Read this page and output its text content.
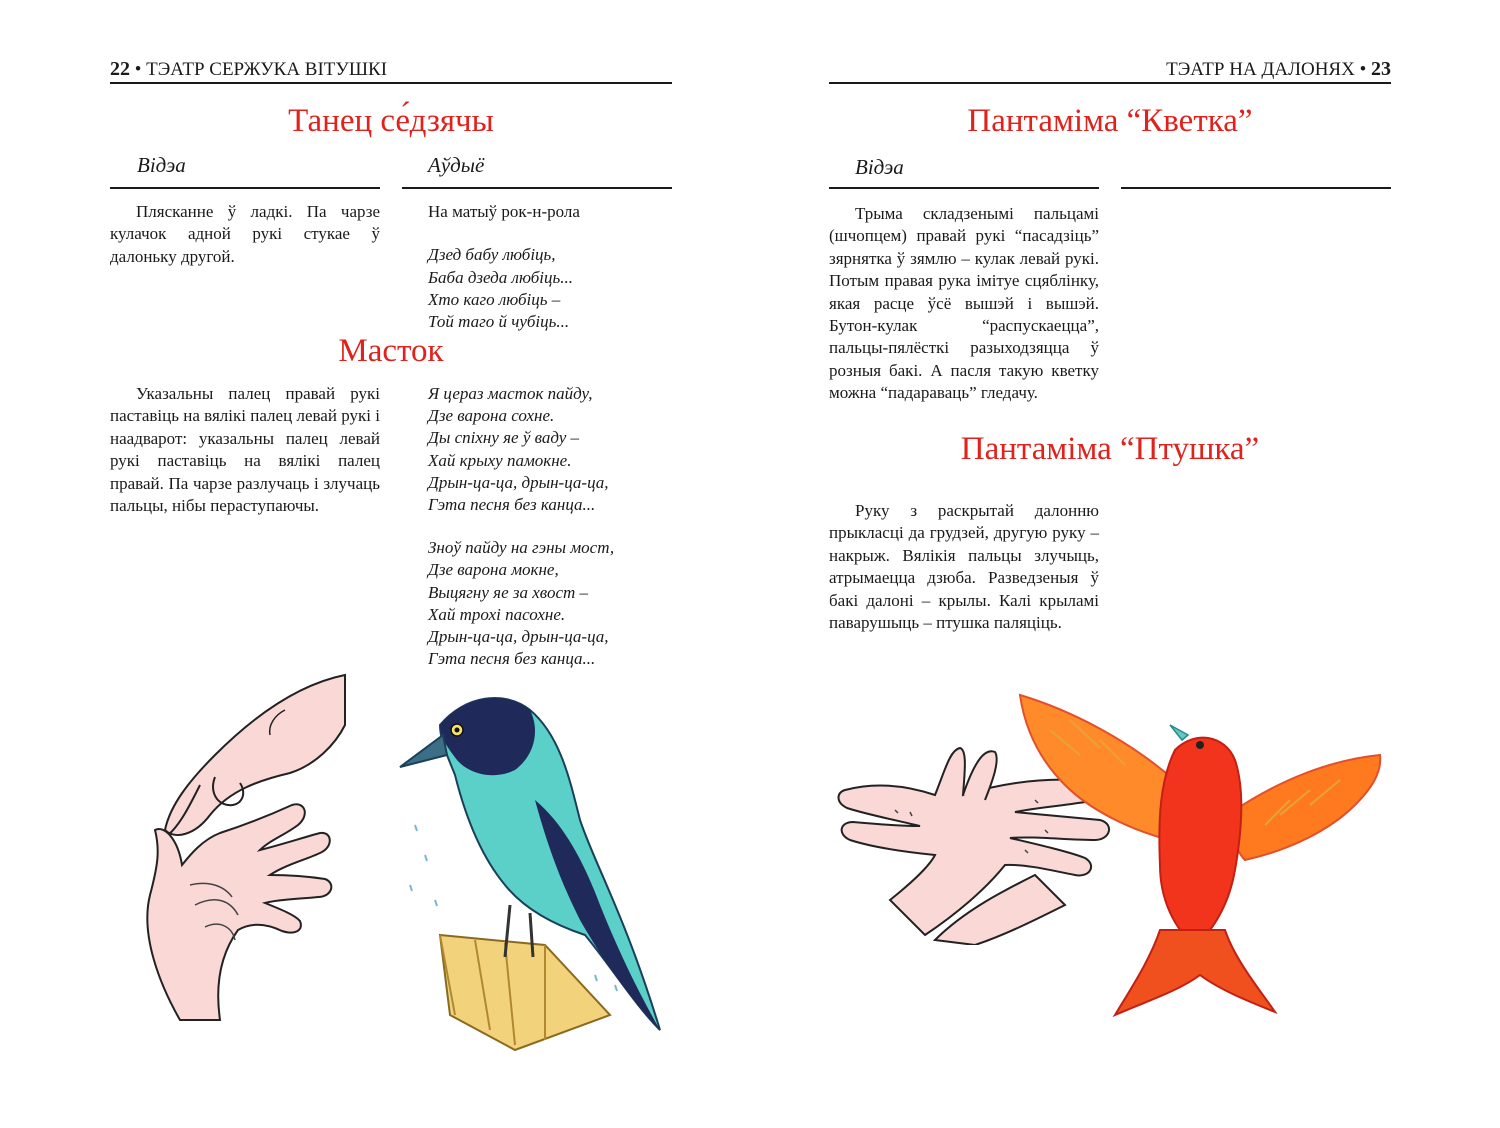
22 • ТЭАТР СЕРЖУКА ВІТУШКІ
Танец се́дзячы
Відэа	Аўдыё

Пляcканне ў ладкі. Па чарзе кулачок адной рукі стукае ў далоньку другой.

На матыў рок-н-рола

Дзед бабу любіць,
Баба дзеда любіць...
Хто каго любіць –
Той таго й чубіць...
Масток

Указальны палец правай рукі паставіць на вялікі палец левай рукі і наадварот: указальны палец левай рукі паставіць на вялікі палец правай. Па чарзе разлучаць і злучаць пальцы, нібы пераступаючы.

Я цераз масток пайду,
Дзе варона сохне.
Ды спіхну яе ў ваду –
Хай крыху памокне.
Дрын-ца-ца, дрын-ца-ца,
Гэта песня без канца...
Зноў пайду на гэны мост,
Дзе варона мокне,
Выцягну яе за хвост –
Хай трохі пасохне.
Дрын-ца-ца, дрын-ца-ца,
Гэта песня без канца...
ТЭАТР НА ДАЛОНЯХ • 23
Пантаміма “Кветка”
Відэа

Трыма складзенымі пальцамі (шчопцем) правай рукі “пасадзіць” зярнятка ў зямлю – кулак левай рукі. Потым правая рука імітуе сцяблінку, якая расце ўсё вышэй і вышэй. Бутон-кулак “распускаецца”, пальцы-пялёсткі разыходзяцца ў розныя бакі. А пасля такую кветку можна “падараваць” гледачу.

Пантаміма “Птушка”

Руку з раскрытай далонню прыкласці да грудзей, другую руку – накрыж. Вялікія пальцы злучыць, атрымаецца дзюба. Разведзеныя ў бакі далоні – крылы. Калі крыламі паварушыць – птушка паляціць.
